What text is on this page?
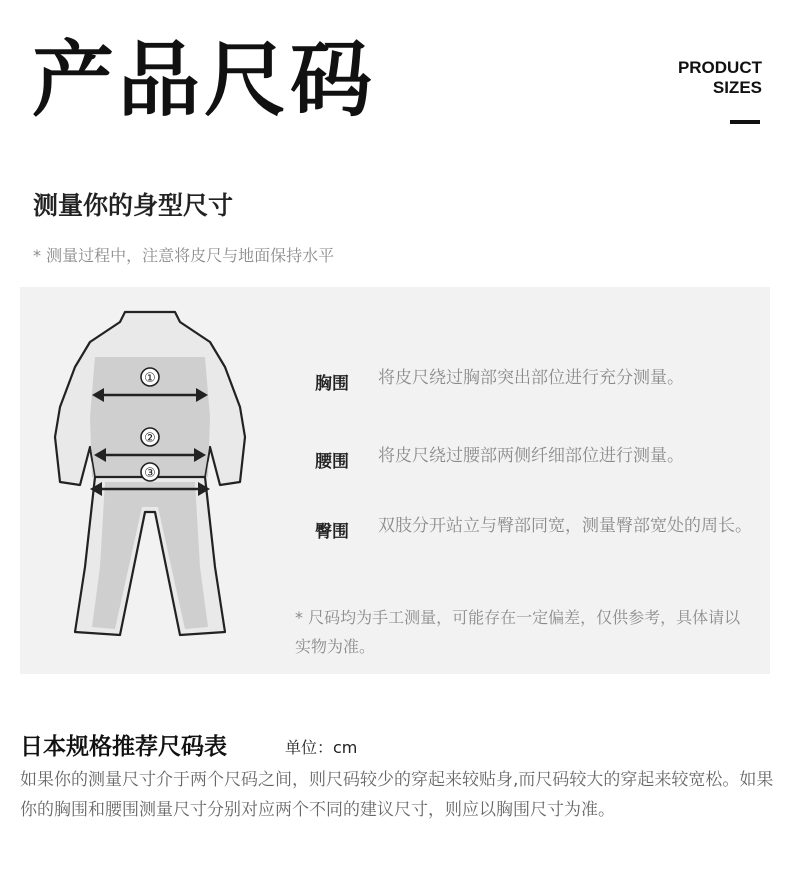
产品尺码	PRODUCT
SIZES
测量你的身型尺寸
* 测量过程中，注意将皮尺与地面保持水平
①
②
③
胸围 将皮尺绕过胸部突出部位进行充分测量。
腰围 将皮尺绕过腰部两侧纤细部位进行测量。
臀围 双肢分开站立与臀部同宽，测量臀部宽处的周长。
* 尺码均为手工测量，可能存在一定偏差，仅供参考，具体请以实物为准。
日本规格推荐尺码表	单位：cm
如果你的测量尺寸介于两个尺码之间，则尺码较少的穿起来较贴身,而尺码较大的穿起来较宽松。如果你的胸围和腰围测量尺寸分别对应两个不同的建议尺寸，则应以胸围尺寸为准。
